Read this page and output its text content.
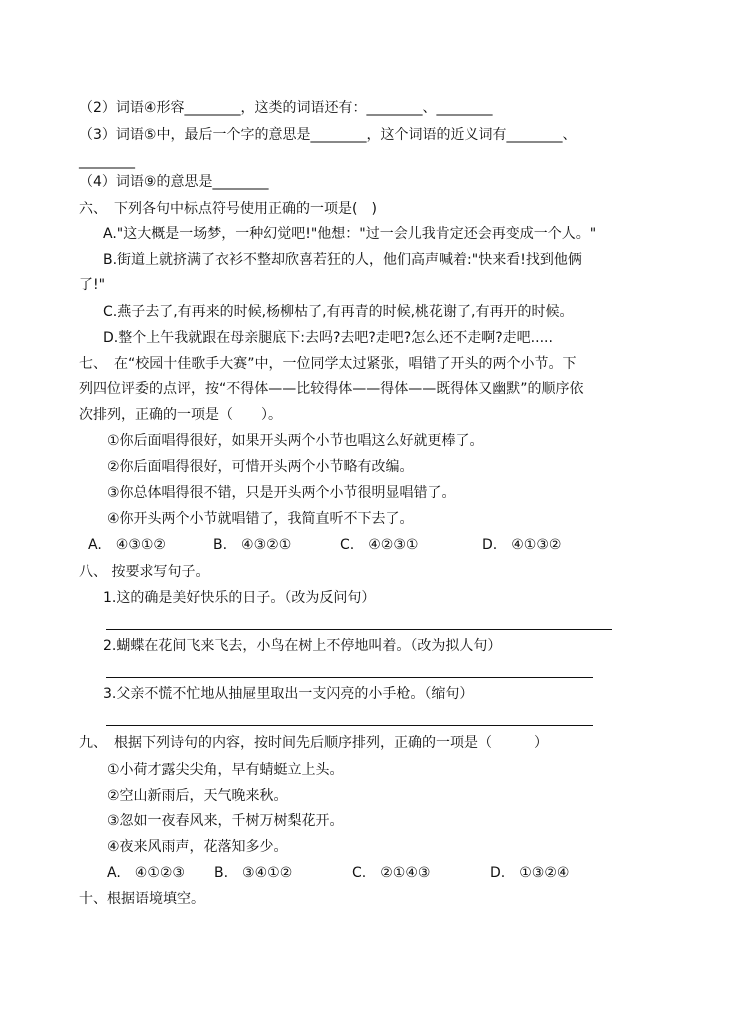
（2）词语④形容________，这类的词语还有：________、________
（3）词语⑤中，最后一个字的意思是________，这个词语的近义词有________、
________
（4）词语⑨的意思是________
六、　下列各句中标点符号使用正确的一项是(　)
A."这大概是一场梦，一种幻觉吧!"他想："过一会儿我肯定还会再变成一个人。"
B.街道上就挤满了衣衫不整却欣喜若狂的人，他们高声喊着:"快来看!找到他俩
了!"
C.燕子去了,有再来的时候,杨柳枯了,有再青的时候,桃花谢了,有再开的时候。
D.整个上午我就跟在母亲腿底下:去吗?去吧?走吧?怎么还不走啊?走吧.....
七、　在“校园十佳歌手大赛”中，一位同学太过紧张，唱错了开头的两个小节。下
列四位评委的点评，按“不得体——比较得体——得体——既得体又幽默”的顺序依
次排列，正确的一项是（　　）。
①你后面唱得很好，如果开头两个小节也唱这么好就更棒了。
②你后面唱得很好，可惜开头两个小节略有改编。
③你总体唱得很不错，只是开头两个小节很明显唱错了。
④你开头两个小节就唱错了，我简直听不下去了。
A.　④③①②	B.　④③②①	C.　④②③①	D.　④①③②
八、 按要求写句子。
1.这的确是美好快乐的日子。（改为反问句）
2.蝴蝶在花间飞来飞去，小鸟在树上不停地叫着。（改为拟人句）
3.父亲不慌不忙地从抽屉里取出一支闪亮的小手枪。（缩句）
九、　根据下列诗句的内容，按时间先后顺序排列，正确的一项是（　　　）
①小荷才露尖尖角，早有蜻蜓立上头。
②空山新雨后，天气晚来秋。
③忽如一夜春风来，千树万树梨花开。
④夜来风雨声，花落知多少。
A.　④①②③ B.　③④①②	C.　②①④③	D.　①③②④
十、根据语境填空。
